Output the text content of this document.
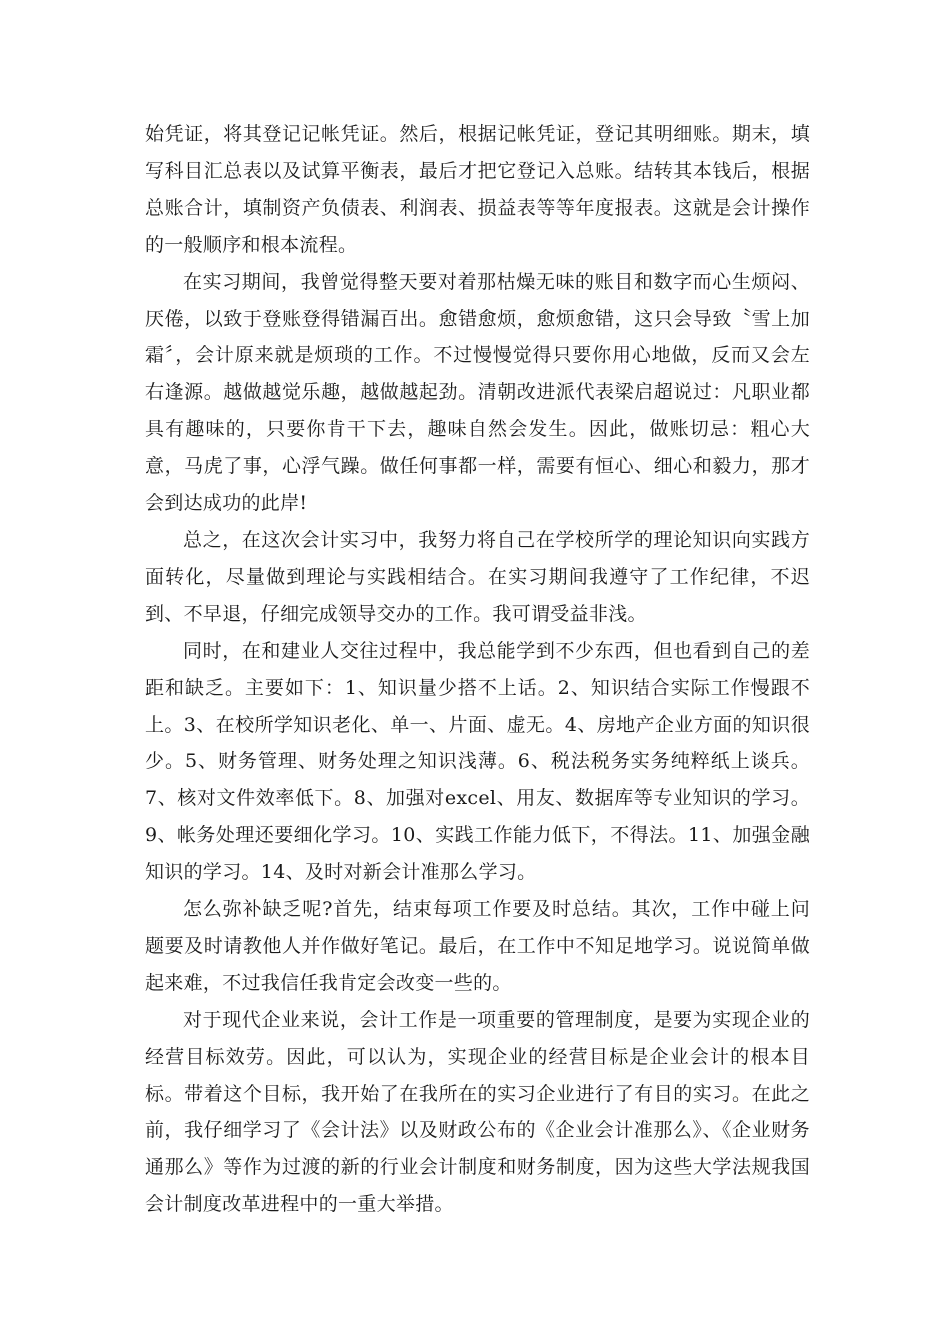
始凭证，将其登记记帐凭证。然后，根据记帐凭证，登记其明细账。期末，填写科目汇总表以及试算平衡表，最后才把它登记入总账。结转其本钱后，根据总账合计，填制资产负债表、利润表、损益表等等年度报表。这就是会计操作的一般顺序和根本流程。

在实习期间，我曾觉得整天要对着那枯燥无味的账目和数字而心生烦闷、厌倦，以致于登账登得错漏百出。愈错愈烦，愈烦愈错，这只会导致〝雪上加霜〞，会计原来就是烦琐的工作。不过慢慢觉得只要你用心地做，反而又会左右逢源。越做越觉乐趣，越做越起劲。清朝改进派代表梁启超说过：凡职业都具有趣味的，只要你肯干下去，趣味自然会发生。因此，做账切忌：粗心大意，马虎了事，心浮气躁。做任何事都一样，需要有恒心、细心和毅力，那才会到达成功的此岸!

总之，在这次会计实习中，我努力将自己在学校所学的理论知识向实践方面转化，尽量做到理论与实践相结合。在实习期间我遵守了工作纪律，不迟到、不早退，仔细完成领导交办的工作。我可谓受益非浅。

同时，在和建业人交往过程中，我总能学到不少东西，但也看到自己的差距和缺乏。主要如下：1、知识量少搭不上话。2、知识结合实际工作慢跟不上。3、在校所学知识老化、单一、片面、虚无。4、房地产企业方面的知识很少。5、财务管理、财务处理之知识浅薄。6、税法税务实务纯粹纸上谈兵。7、核对文件效率低下。8、加强对excel、用友、数据库等专业知识的学习。9、帐务处理还要细化学习。10、实践工作能力低下，不得法。11、加强金融知识的学习。14、及时对新会计准那么学习。

怎么弥补缺乏呢?首先，结束每项工作要及时总结。其次，工作中碰上问题要及时请教他人并作做好笔记。最后，在工作中不知足地学习。说说简单做起来难，不过我信任我肯定会改变一些的。

对于现代企业来说，会计工作是一项重要的管理制度，是要为实现企业的经营目标效劳。因此，可以认为，实现企业的经营目标是企业会计的根本目标。带着这个目标，我开始了在我所在的实习企业进行了有目的实习。在此之前，我仔细学习了《会计法》以及财政公布的《企业会计准那么》、《企业财务通那么》等作为过渡的新的行业会计制度和财务制度，因为这些大学法规我国会计制度改革进程中的一重大举措。
